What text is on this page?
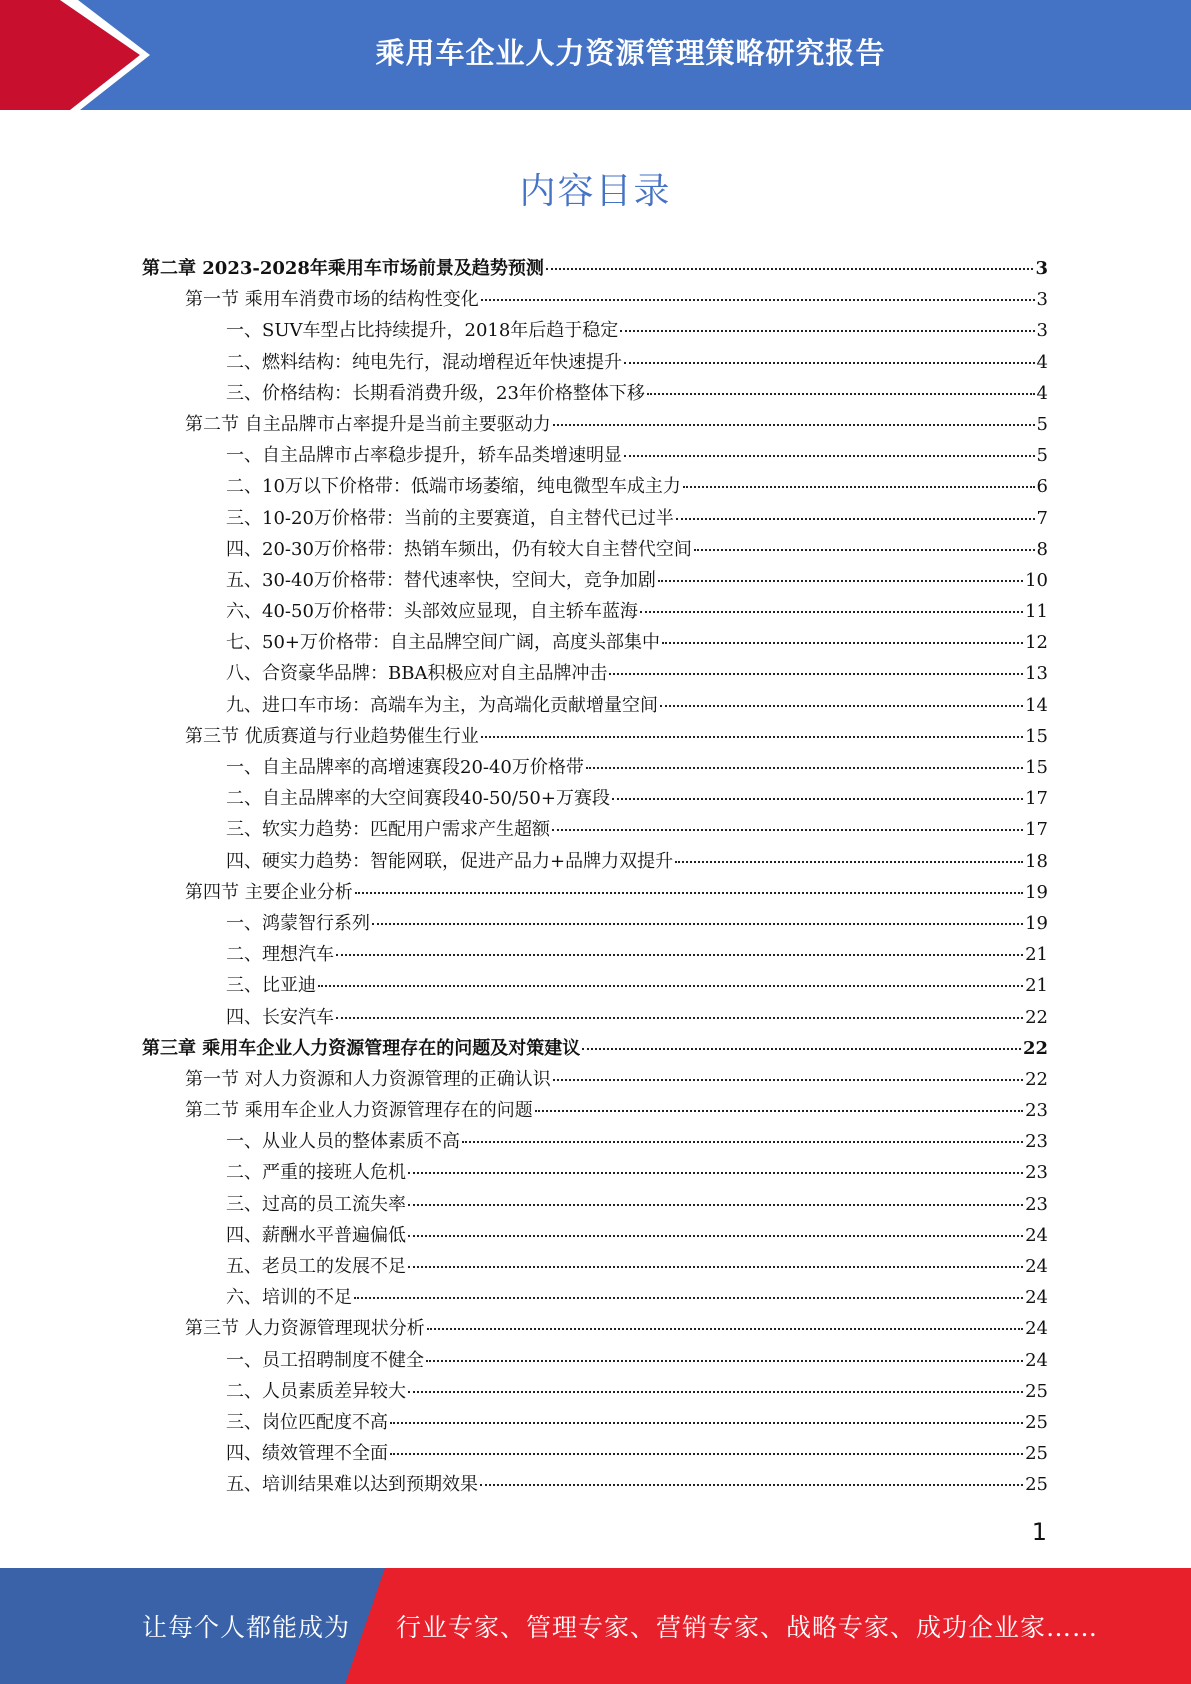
乘用车企业人力资源管理策略研究报告
内容目录
第二章 2023-2028年乘用车市场前景及趋势预测	3
第一节 乘用车消费市场的结构性变化	3
一、SUV车型占比持续提升，2018年后趋于稳定	3
二、燃料结构：纯电先行，混动增程近年快速提升	4
三、价格结构：长期看消费升级，23年价格整体下移	4
第二节 自主品牌市占率提升是当前主要驱动力	5
一、自主品牌市占率稳步提升，轿车品类增速明显	5
二、10万以下价格带：低端市场萎缩，纯电微型车成主力	6
三、10-20万价格带：当前的主要赛道，自主替代已过半	7
四、20-30万价格带：热销车频出，仍有较大自主替代空间	8
五、30-40万价格带：替代速率快，空间大，竞争加剧	10
六、40-50万价格带：头部效应显现，自主轿车蓝海	11
七、50+万价格带：自主品牌空间广阔，高度头部集中	12
八、合资豪华品牌：BBA积极应对自主品牌冲击	13
九、进口车市场：高端车为主，为高端化贡献增量空间	14
第三节 优质赛道与行业趋势催生行业	15
一、自主品牌率的高增速赛段20-40万价格带	15
二、自主品牌率的大空间赛段40-50/50+万赛段	17
三、软实力趋势：匹配用户需求产生超额	17
四、硬实力趋势：智能网联，促进产品力+品牌力双提升	18
第四节 主要企业分析	19
一、鸿蒙智行系列	19
二、理想汽车	21
三、比亚迪	21
四、长安汽车	22
第三章 乘用车企业人力资源管理存在的问题及对策建议	22
第一节 对人力资源和人力资源管理的正确认识	22
第二节 乘用车企业人力资源管理存在的问题	23
一、从业人员的整体素质不高	23
二、严重的接班人危机	23
三、过高的员工流失率	23
四、薪酬水平普遍偏低	24
五、老员工的发展不足	24
六、培训的不足	24
第三节 人力资源管理现状分析	24
一、员工招聘制度不健全	24
二、人员素质差异较大	25
三、岗位匹配度不高	25
四、绩效管理不全面	25
五、培训结果难以达到预期效果	25
1
让每个人都能成为 行业专家、管理专家、营销专家、战略专家、成功企业家……
